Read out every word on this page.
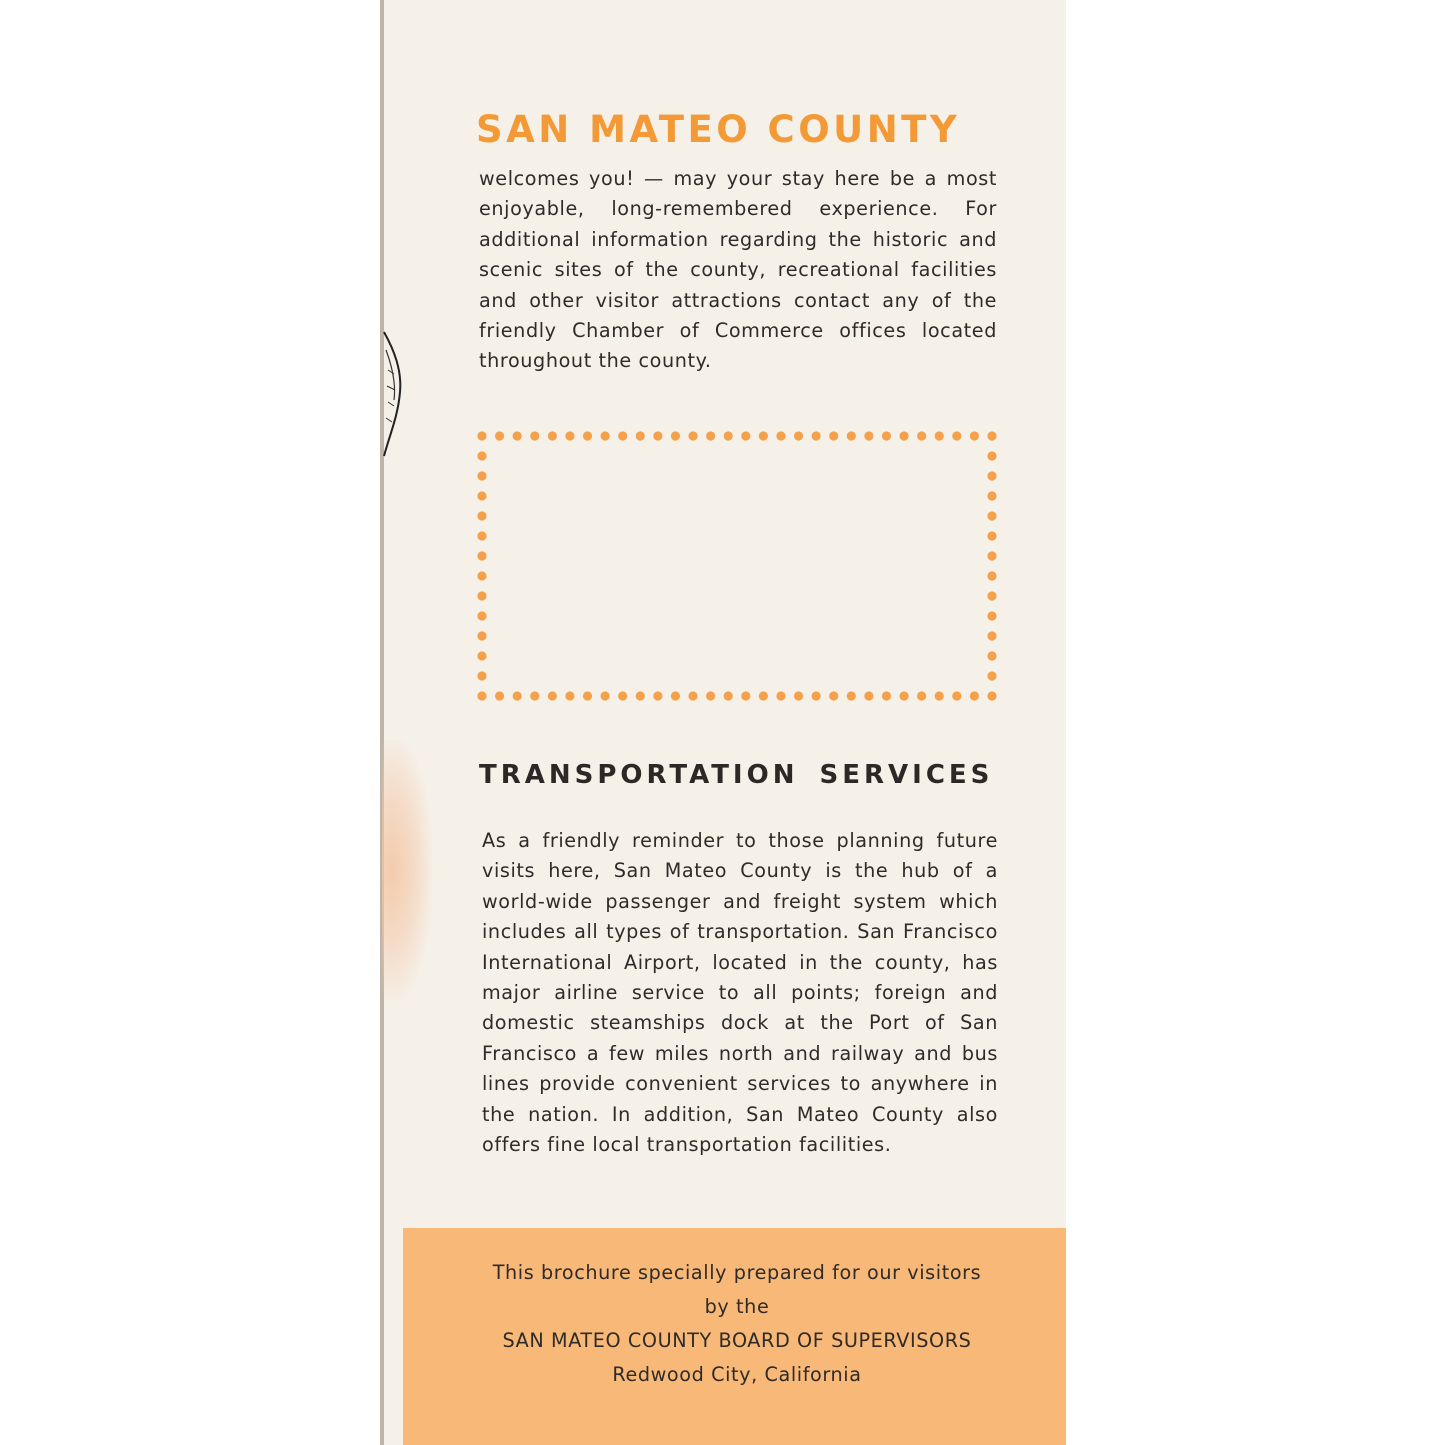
SAN MATEO COUNTY

welcomes you! — may your stay here be a most enjoyable, long-remembered experience. For additional information regarding the historic and scenic sites of the county, recreational facilities and other visitor attractions contact any of the friendly Chamber of Commerce offices located throughout the county.

TRANSPORTATION SERVICES

As a friendly reminder to those planning future visits here, San Mateo County is the hub of a world-wide passenger and freight system which includes all types of transportation. San Francisco International Airport, located in the county, has major airline service to all points; foreign and domestic steamships dock at the Port of San Francisco a few miles north and railway and bus lines provide convenient services to anywhere in the nation. In addition, San Mateo County also offers fine local transportation facilities.

This brochure specially prepared for our visitors
by the
SAN MATEO COUNTY BOARD OF SUPERVISORS
Redwood City, California
